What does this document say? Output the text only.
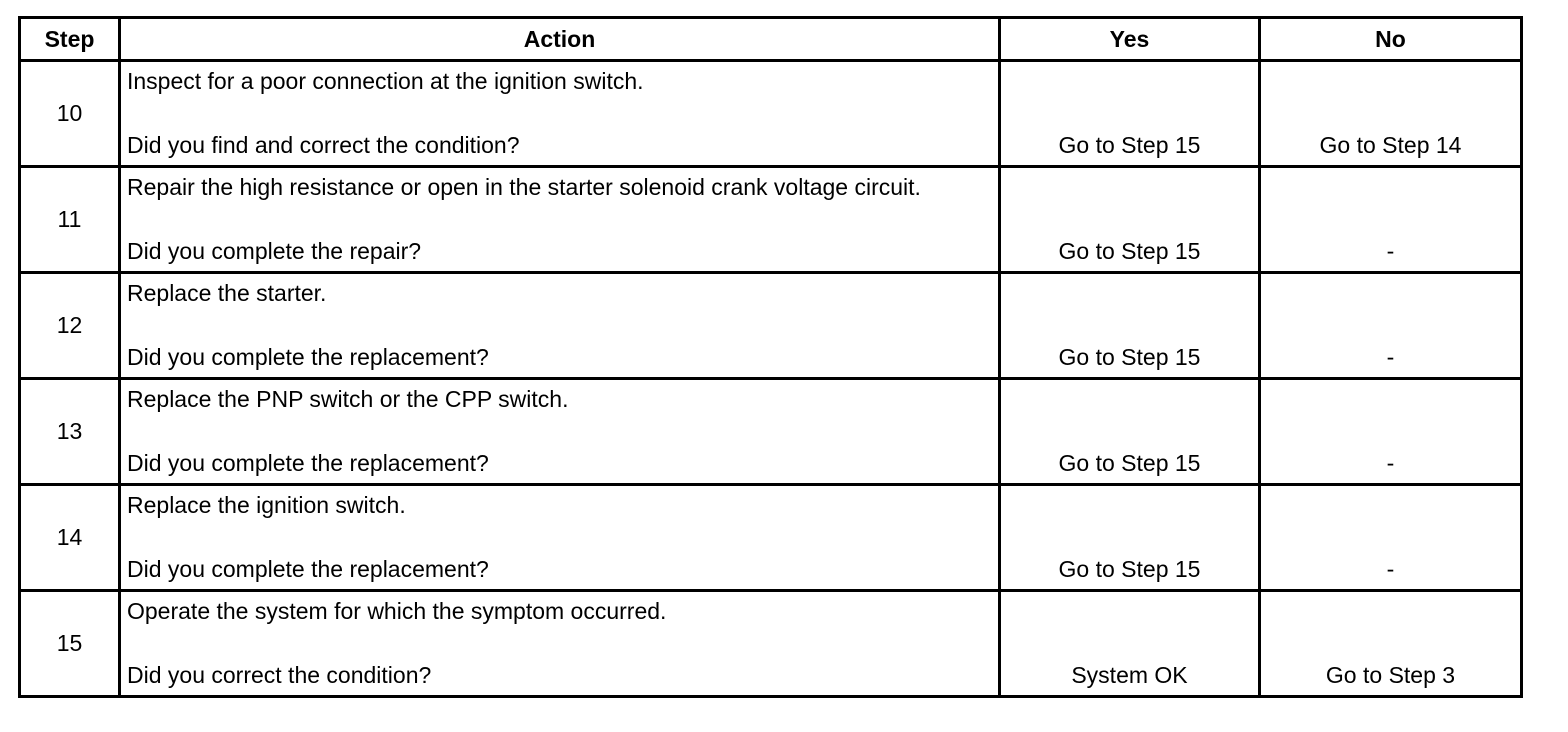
Step	Action	Yes	No
10	Inspect for a poor connection at the ignition switch.
Did you find and correct the condition?	Go to Step 15	Go to Step 14

11	Repair the high resistance or open in the starter solenoid crank voltage circuit.
Did you complete the repair?	Go to Step 15	-

12	Replace the starter.
Did you complete the replacement?	Go to Step 15	-

13	Replace the PNP switch or the CPP switch.
Did you complete the replacement?	Go to Step 15	-

14	Replace the ignition switch.
Did you complete the replacement?	Go to Step 15	-

15	Operate the system for which the symptom occurred.
Did you correct the condition?	System OK	Go to Step 3
